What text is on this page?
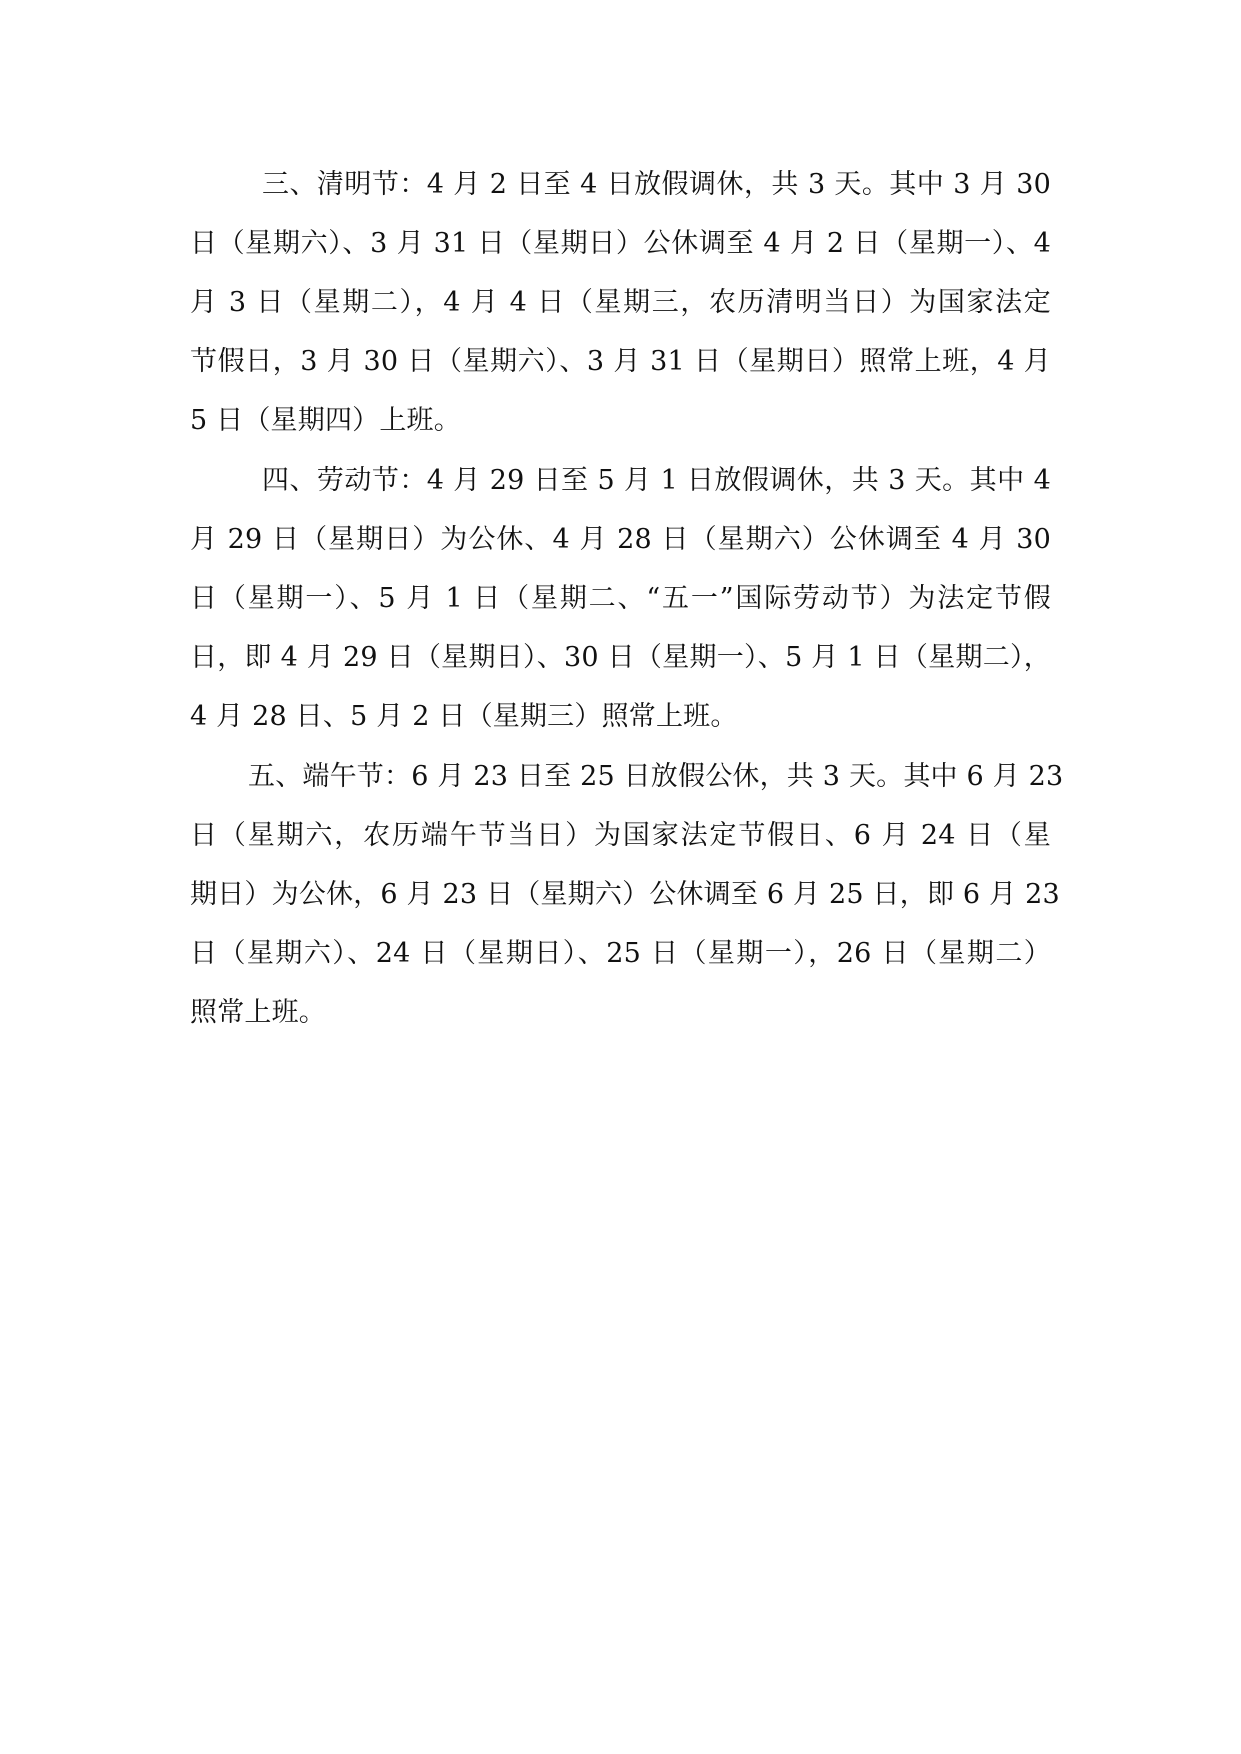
三、清明节：4 月 2 日至 4 日放假调休，共 3 天。其中 3 月 30
日（星期六）、3 月 31 日（星期日）公休调至 4 月 2 日（星期一）、4
月 3 日（星期二），4 月 4 日（星期三，农历清明当日）为国家法定
节假日，3 月 30 日（星期六）、3 月 31 日（星期日）照常上班，4 月
5 日（星期四）上班。
四、劳动节：4 月 29 日至 5 月 1 日放假调休，共 3 天。其中 4
月 29 日（星期日）为公休、4 月 28 日（星期六）公休调至 4 月 30
日（星期一）、5 月 1 日（星期二、“五一”国际劳动节）为法定节假
日，即 4 月 29 日（星期日）、30 日（星期一）、5 月 1 日（星期二），
4 月 28 日、5 月 2 日（星期三）照常上班。
五、端午节：6 月 23 日至 25 日放假公休，共 3 天。其中 6 月 23
日（星期六，农历端午节当日）为国家法定节假日、6 月 24 日（星
期日）为公休，6 月 23 日（星期六）公休调至 6 月 25 日，即 6 月 23
日（星期六）、24 日（星期日）、25 日（星期一），26 日（星期二）
照常上班。
